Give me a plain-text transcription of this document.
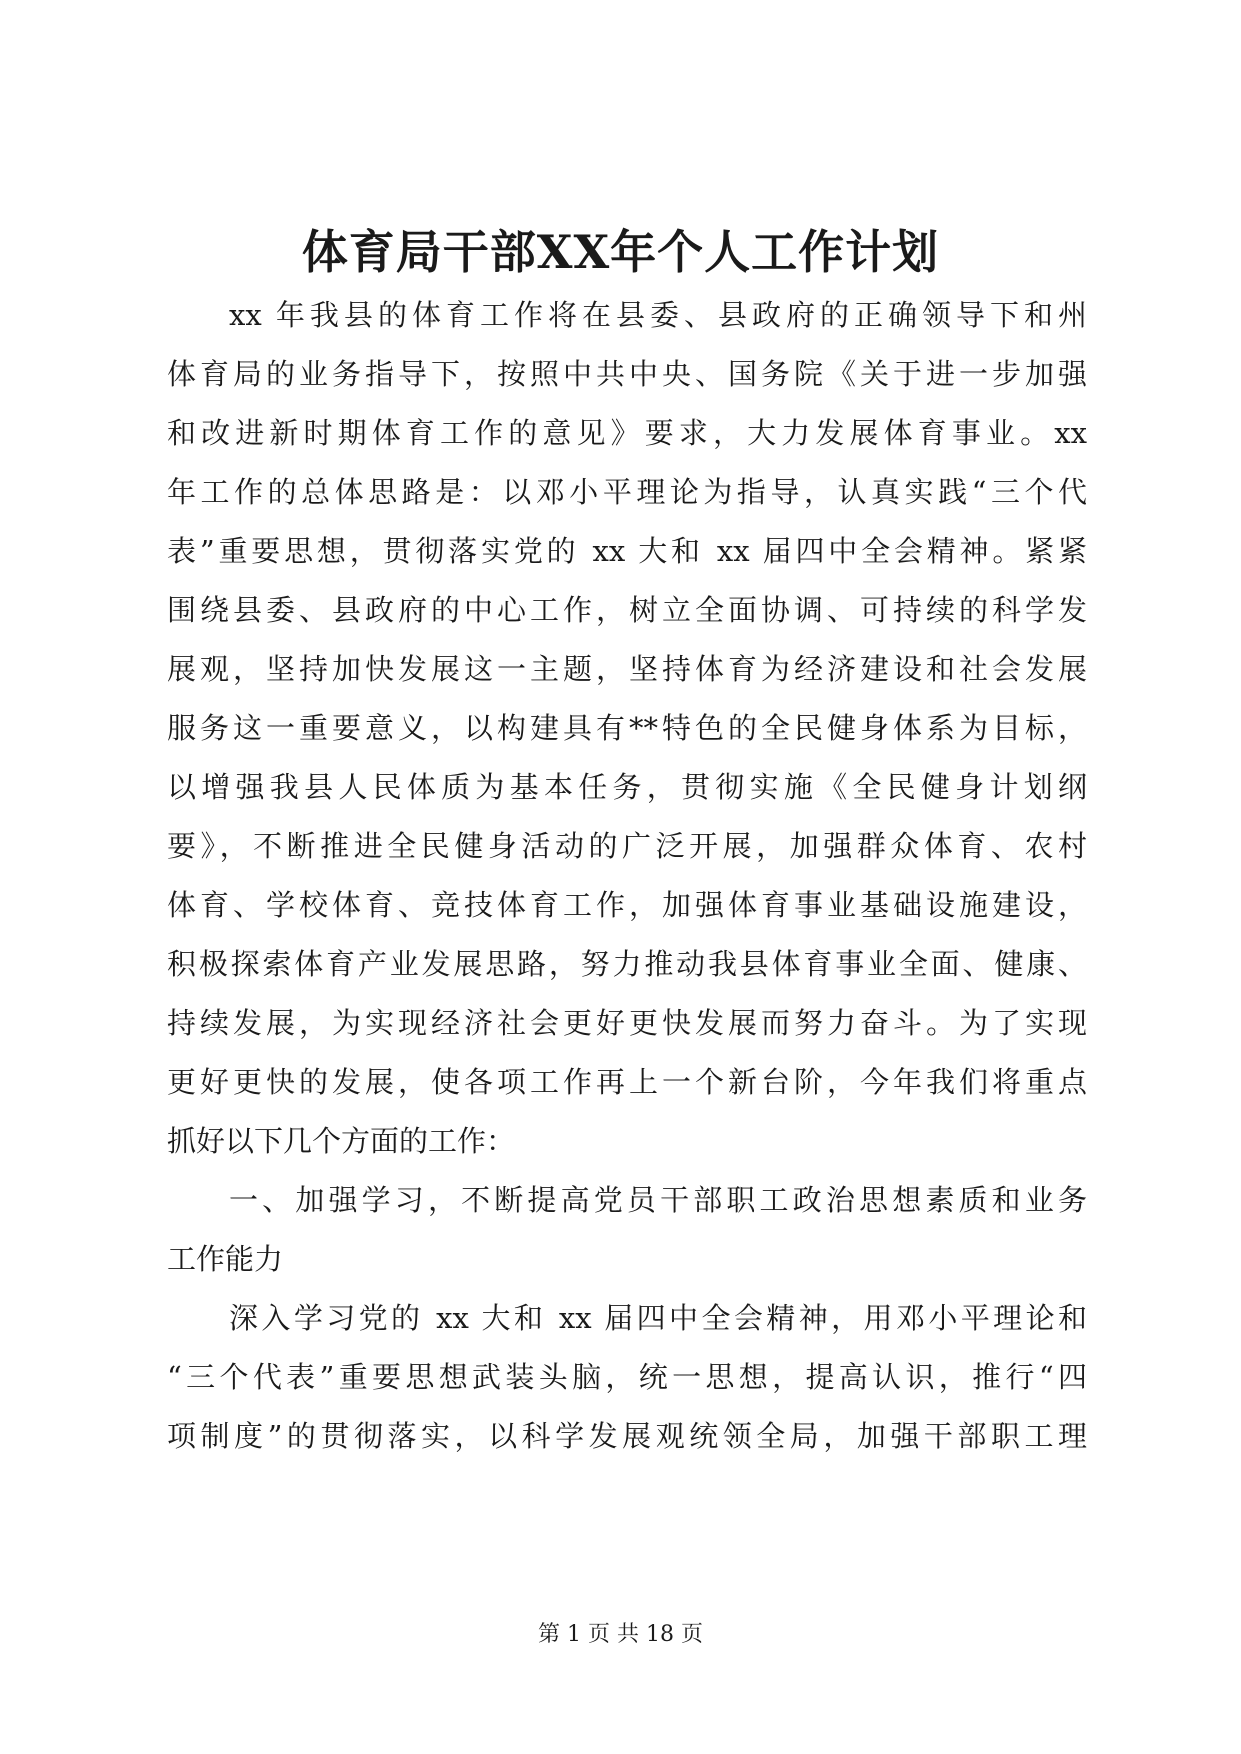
体育局干部XX年个人工作计划
xx 年我县的体育工作将在县委、县政府的正确领导下和州
体育局的业务指导下，按照中共中央、国务院《关于进一步加强
和改进新时期体育工作的意见》要求，大力发展体育事业。xx
年工作的总体思路是：以邓小平理论为指导，认真实践“三个代
表”重要思想，贯彻落实党的 xx 大和 xx 届四中全会精神。紧紧
围绕县委、县政府的中心工作，树立全面协调、可持续的科学发
展观，坚持加快发展这一主题，坚持体育为经济建设和社会发展
服务这一重要意义，以构建具有**特色的全民健身体系为目标，
以增强我县人民体质为基本任务，贯彻实施《全民健身计划纲
要》，不断推进全民健身活动的广泛开展，加强群众体育、农村
体育、学校体育、竞技体育工作，加强体育事业基础设施建设，
积极探索体育产业发展思路，努力推动我县体育事业全面、健康、
持续发展，为实现经济社会更好更快发展而努力奋斗。为了实现
更好更快的发展，使各项工作再上一个新台阶，今年我们将重点
抓好以下几个方面的工作：
一、加强学习，不断提高党员干部职工政治思想素质和业务
工作能力
深入学习党的 xx 大和 xx 届四中全会精神，用邓小平理论和
“三个代表”重要思想武装头脑，统一思想，提高认识，推行“四
项制度”的贯彻落实，以科学发展观统领全局，加强干部职工理
第 1 页 共 18 页
